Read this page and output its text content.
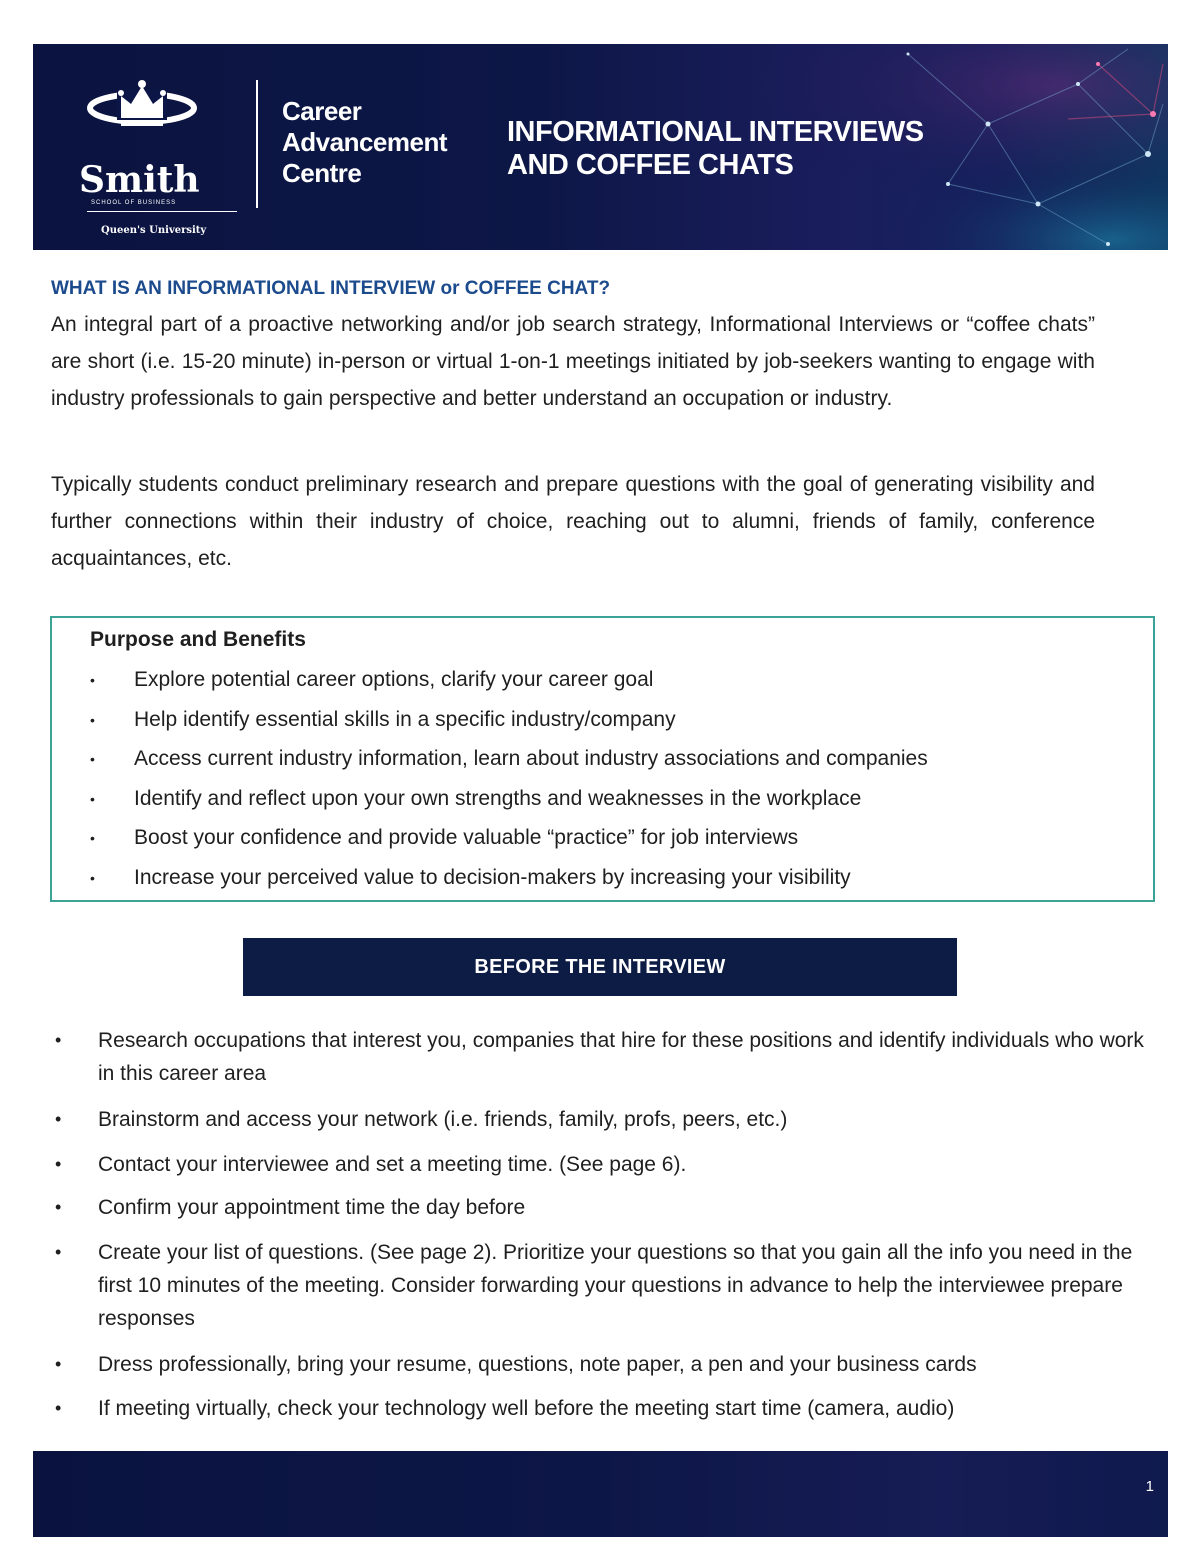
Smith
SCHOOL OF BUSINESS
Queen's University
Career
Advancement
Centre
INFORMATIONAL INTERVIEWS
AND COFFEE CHATS
WHAT IS AN INFORMATIONAL INTERVIEW or COFFEE CHAT?

An integral part of a proactive networking and/or job search strategy, Informational Interviews or “coffee chats” are short (i.e. 15-20 minute) in-person or virtual 1-on-1 meetings initiated by job-seekers wanting to engage with industry professionals to gain perspective and better understand an occupation or industry.

Typically students conduct preliminary research and prepare questions with the goal of generating visibility and further connections within their industry of choice, reaching out to alumni, friends of family, conference acquaintances, etc.

Purpose and Benefits
• Explore potential career options, clarify your career goal
• Help identify essential skills in a specific industry/company
• Access current industry information, learn about industry associations and companies
• Identify and reflect upon your own strengths and weaknesses in the workplace
• Boost your confidence and provide valuable “practice” for job interviews
• Increase your perceived value to decision-makers by increasing your visibility
BEFORE THE INTERVIEW
• Research occupations that interest you, companies that hire for these positions and identify individuals who work in this career area
• Brainstorm and access your network (i.e. friends, family, profs, peers, etc.)
• Contact your interviewee and set a meeting time. (See page 6).
• Confirm your appointment time the day before
• Create your list of questions. (See page 2). Prioritize your questions so that you gain all the info you need in the first 10 minutes of the meeting. Consider forwarding your questions in advance to help the interviewee prepare responses
• Dress professionally, bring your resume, questions, note paper, a pen and your business cards
• If meeting virtually, check your technology well before the meeting start time (camera, audio)
1
